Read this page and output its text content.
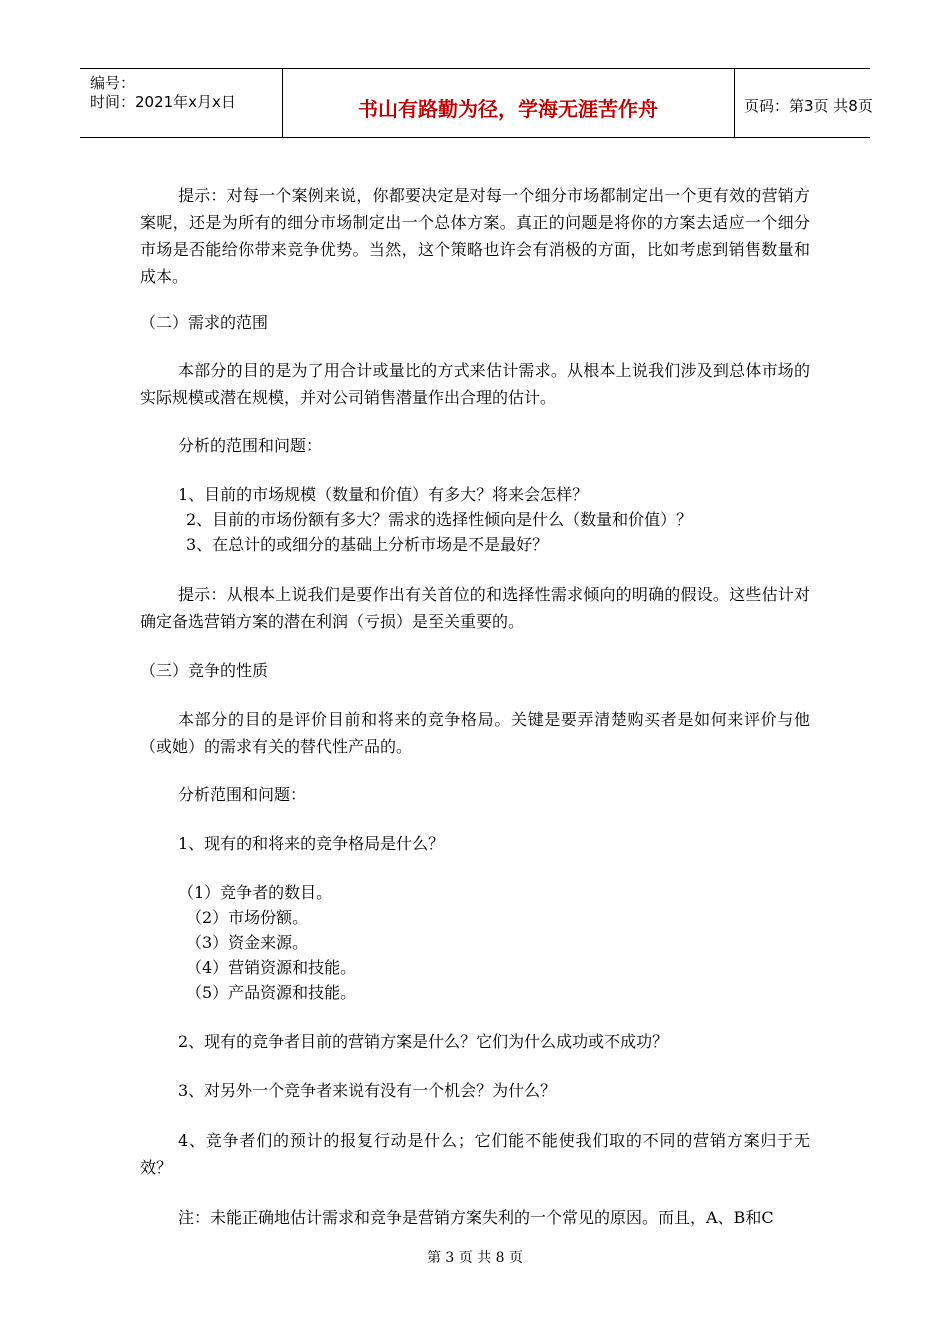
编号：
时间：2021年x月x日	书山有路勤为径，学海无涯苦作舟	页码：第3页 共8页

提示：对每一个案例来说，你都要决定是对每一个细分市场都制定出一个更有效的营销方案呢，还是为所有的细分市场制定出一个总体方案。真正的问题是将你的方案去适应一个细分市场是否能给你带来竞争优势。当然，这个策略也许会有消极的方面，比如考虑到销售数量和成本。

（二）需求的范围

本部分的目的是为了用合计或量比的方式来估计需求。从根本上说我们涉及到总体市场的实际规模或潜在规模，并对公司销售潜量作出合理的估计。

分析的范围和问题：

1、目前的市场规模（数量和价值）有多大？将来会怎样？

2、目前的市场份额有多大？需求的选择性倾向是什么（数量和价值）？

3、在总计的或细分的基础上分析市场是不是最好？

提示：从根本上说我们是要作出有关首位的和选择性需求倾向的明确的假设。这些估计对确定备选营销方案的潜在利润（亏损）是至关重要的。

（三）竞争的性质

本部分的目的是评价目前和将来的竞争格局。关键是要弄清楚购买者是如何来评价与他（或她）的需求有关的替代性产品的。

分析范围和问题：

1、现有的和将来的竞争格局是什么？

（1）竞争者的数目。

（2）市场份额。

（3）资金来源。

（4）营销资源和技能。

（5）产品资源和技能。

2、现有的竞争者目前的营销方案是什么？它们为什么成功或不成功？

3、对另外一个竞争者来说有没有一个机会？为什么？

4、竞争者们的预计的报复行动是什么；它们能不能使我们取的不同的营销方案归于无效？

注：未能正确地估计需求和竞争是营销方案失利的一个常见的原因。而且，A、B和C

第 3 页 共 8 页
